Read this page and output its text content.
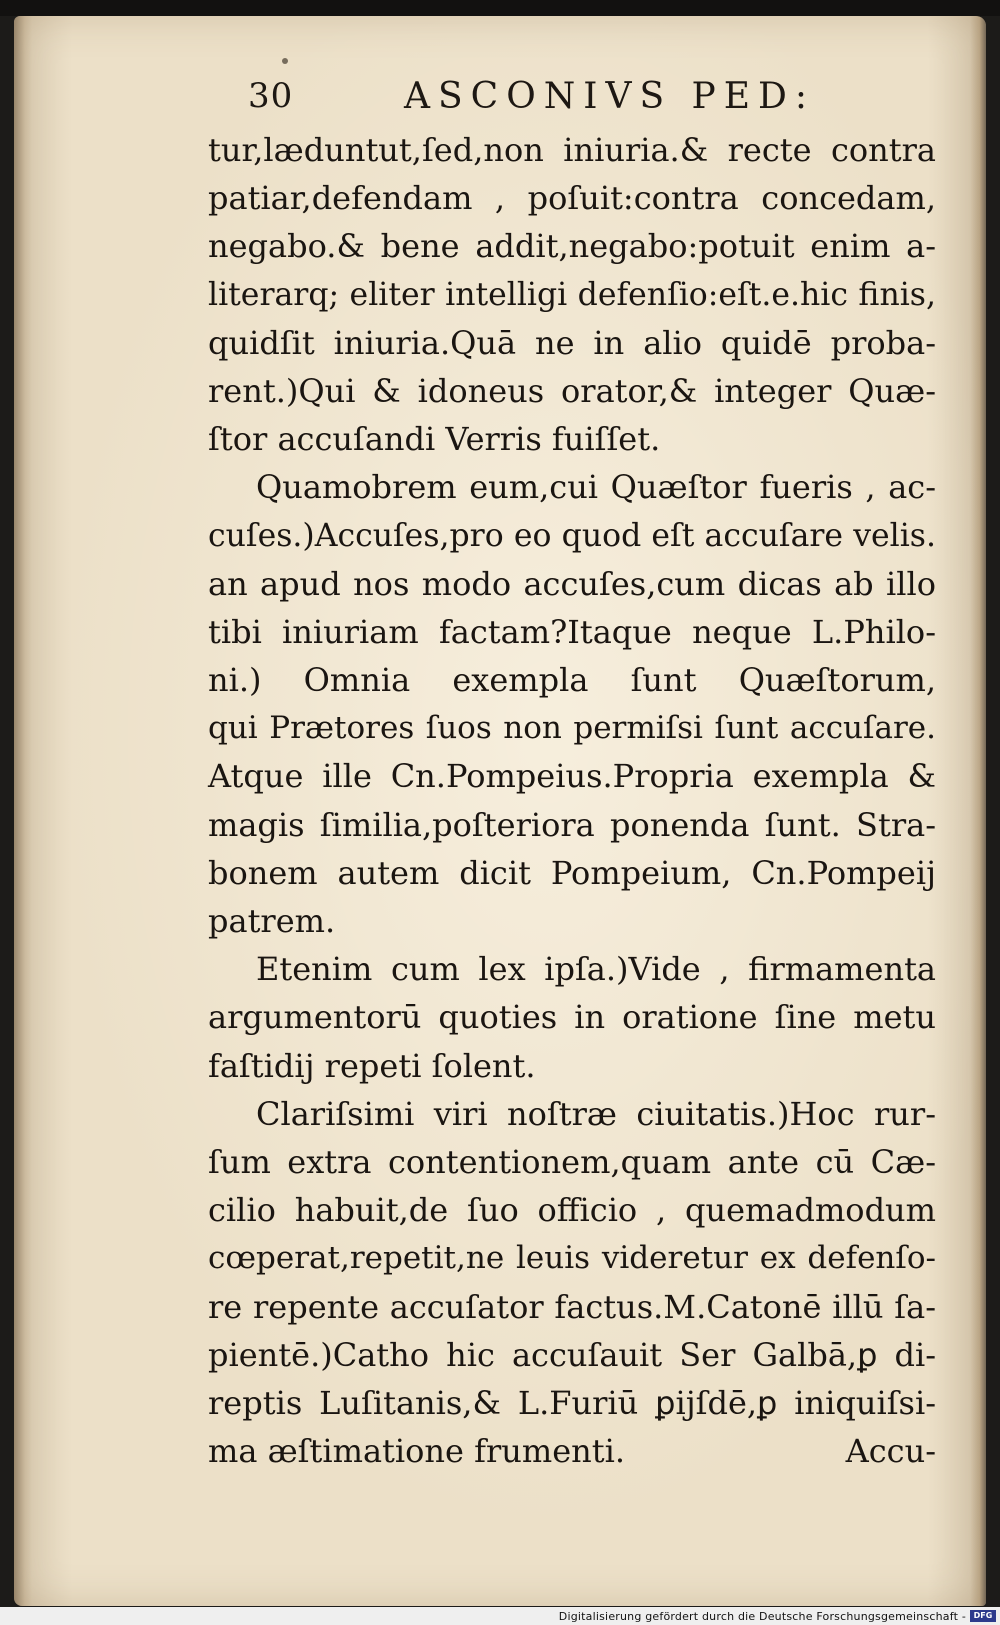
30	ASCONIVS PED:
tur,lӕduntut,ſed,non iniuria.& recte contra
patiar,defendam , poſuit:contra concedam,
negabo.& bene addit,negabo:potuit enim a-
literarq; eliter intelligi defenſio:eſt.e.hic finis,
quidſit iniuria.Quā ne in alio quidē proba-
rent.)Qui & idoneus orator,& integer Quӕ-
ſtor accuſandi Verris fuiſſet.
Quamobrem eum,cui Quӕſtor fueris , ac-
cuſes.)Accuſes,pro eo quod eſt accuſare velis.
an apud nos modo accuſes,cum dicas ab illo
tibi iniuriam factam?Itaque neque L.Philo-
ni.) Omnia exempla ſunt Quӕſtorum,
qui Prӕtores ſuos non permiſsi ſunt accuſare.
Atque ille Cn.Pompeius.Propria exempla &
magis ſimilia,poſteriora ponenda ſunt. Stra-
bonem autem dicit Pompeium, Cn.Pompeij
patrem.
Etenim cum lex ipſa.)Vide , firmamenta
argumentorū quoties in oratione ſine metu
faſtidij repeti ſolent.
Clariſsimi viri noſtrӕ ciuitatis.)Hoc rur-
ſum extra contentionem,quam ante cū Cӕ-
cilio habuit,de ſuo officio , quemadmodum
cœperat,repetit,ne leuis videretur ex defenſo-
re repente accuſator factus.M.Catonē illū ſa-
pientē.)Catho hic accuſauit Ser Galbā,ꝑ di-
reptis Luſitanis,& L.Furiū ꝑijſdē,ꝑ iniquiſsi-
ma ӕſtimatione frumenti.	Accu-
Digitalisierung gefördert durch die Deutsche Forschungsgemeinschaft - DFG
